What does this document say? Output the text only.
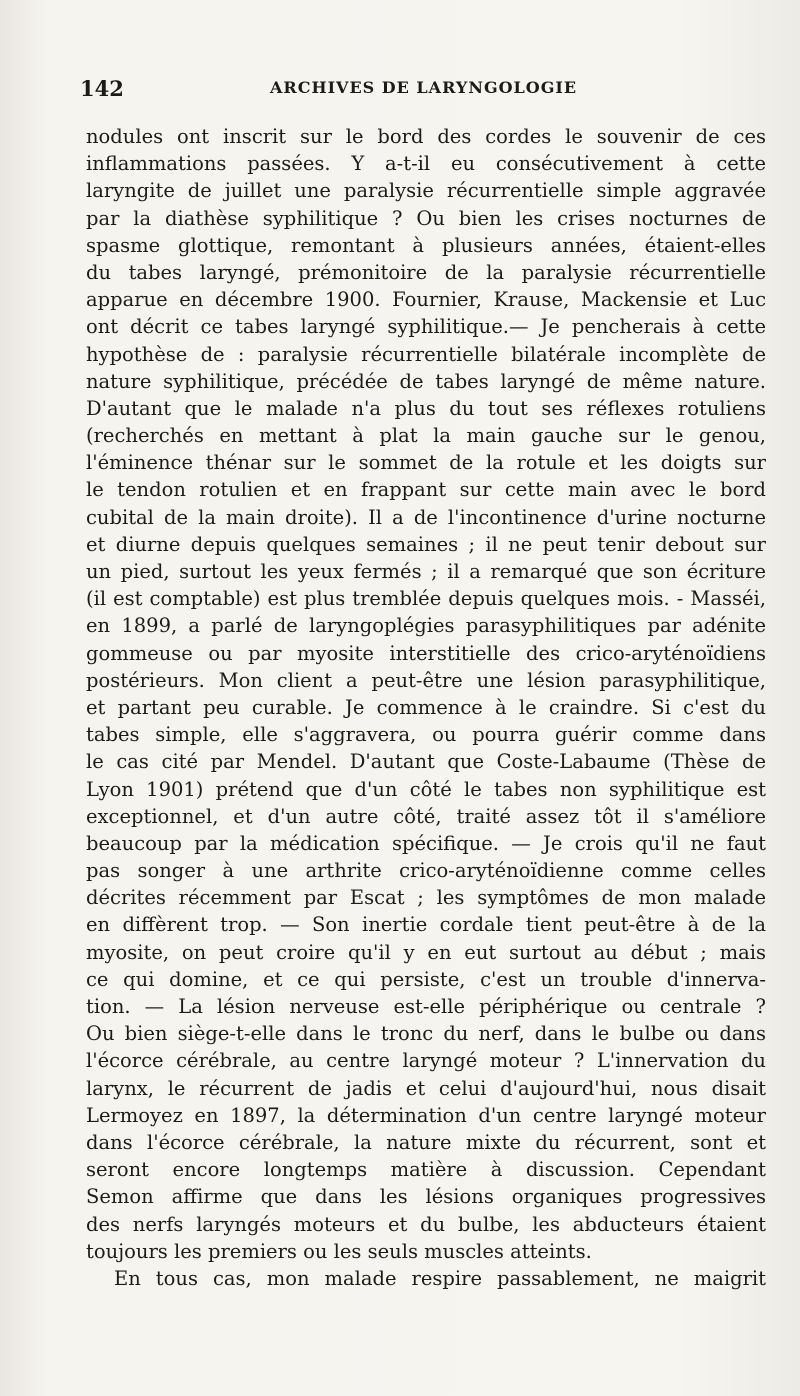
142	ARCHIVES DE LARYNGOLOGIE
nodules ont inscrit sur le bord des cordes le souvenir de ces
inflammations passées. Y a-t-il eu consécutivement à cette
laryngite de juillet une paralysie récurrentielle simple aggravée
par la diathèse syphilitique ? Ou bien les crises nocturnes de
spasme glottique, remontant à plusieurs années, étaient-elles
du tabes laryngé, prémonitoire de la paralysie récurrentielle
apparue en décembre 1900. Fournier, Krause, Mackensie et Luc
ont décrit ce tabes laryngé syphilitique.— Je pencherais à cette
hypothèse de : paralysie récurrentielle bilatérale incomplète de
nature syphilitique, précédée de tabes laryngé de même nature.
D'autant que le malade n'a plus du tout ses réflexes rotuliens
(recherchés en mettant à plat la main gauche sur le genou,
l'éminence thénar sur le sommet de la rotule et les doigts sur
le tendon rotulien et en frappant sur cette main avec le bord
cubital de la main droite). Il a de l'incontinence d'urine nocturne
et diurne depuis quelques semaines ; il ne peut tenir debout sur
un pied, surtout les yeux fermés ; il a remarqué que son écriture
(il est comptable) est plus tremblée depuis quelques mois. - Masséi,
en 1899, a parlé de laryngoplégies parasyphilitiques par adénite
gommeuse ou par myosite interstitielle des crico-aryténoïdiens
postérieurs. Mon client a peut-être une lésion parasyphilitique,
et partant peu curable. Je commence à le craindre. Si c'est du
tabes simple, elle s'aggravera, ou pourra guérir comme dans
le cas cité par Mendel. D'autant que Coste-Labaume (Thèse de
Lyon 1901) prétend que d'un côté le tabes non syphilitique est
exceptionnel, et d'un autre côté, traité assez tôt il s'améliore
beaucoup par la médication spécifique. — Je crois qu'il ne faut
pas songer à une arthrite crico-aryténoïdienne comme celles
décrites récemment par Escat ; les symptômes de mon malade
en diffèrent trop. — Son inertie cordale tient peut-être à de la
myosite, on peut croire qu'il y en eut surtout au début ; mais
ce qui domine, et ce qui persiste, c'est un trouble d'innerva-
tion. — La lésion nerveuse est-elle périphérique ou centrale ?
Ou bien siège-t-elle dans le tronc du nerf, dans le bulbe ou dans
l'écorce cérébrale, au centre laryngé moteur ? L'innervation du
larynx, le récurrent de jadis et celui d'aujourd'hui, nous disait
Lermoyez en 1897, la détermination d'un centre laryngé moteur
dans l'écorce cérébrale, la nature mixte du récurrent, sont et
seront encore longtemps matière à discussion. Cependant
Semon affirme que dans les lésions organiques progressives
des nerfs laryngés moteurs et du bulbe, les abducteurs étaient
toujours les premiers ou les seuls muscles atteints.
En tous cas, mon malade respire passablement, ne maigrit
